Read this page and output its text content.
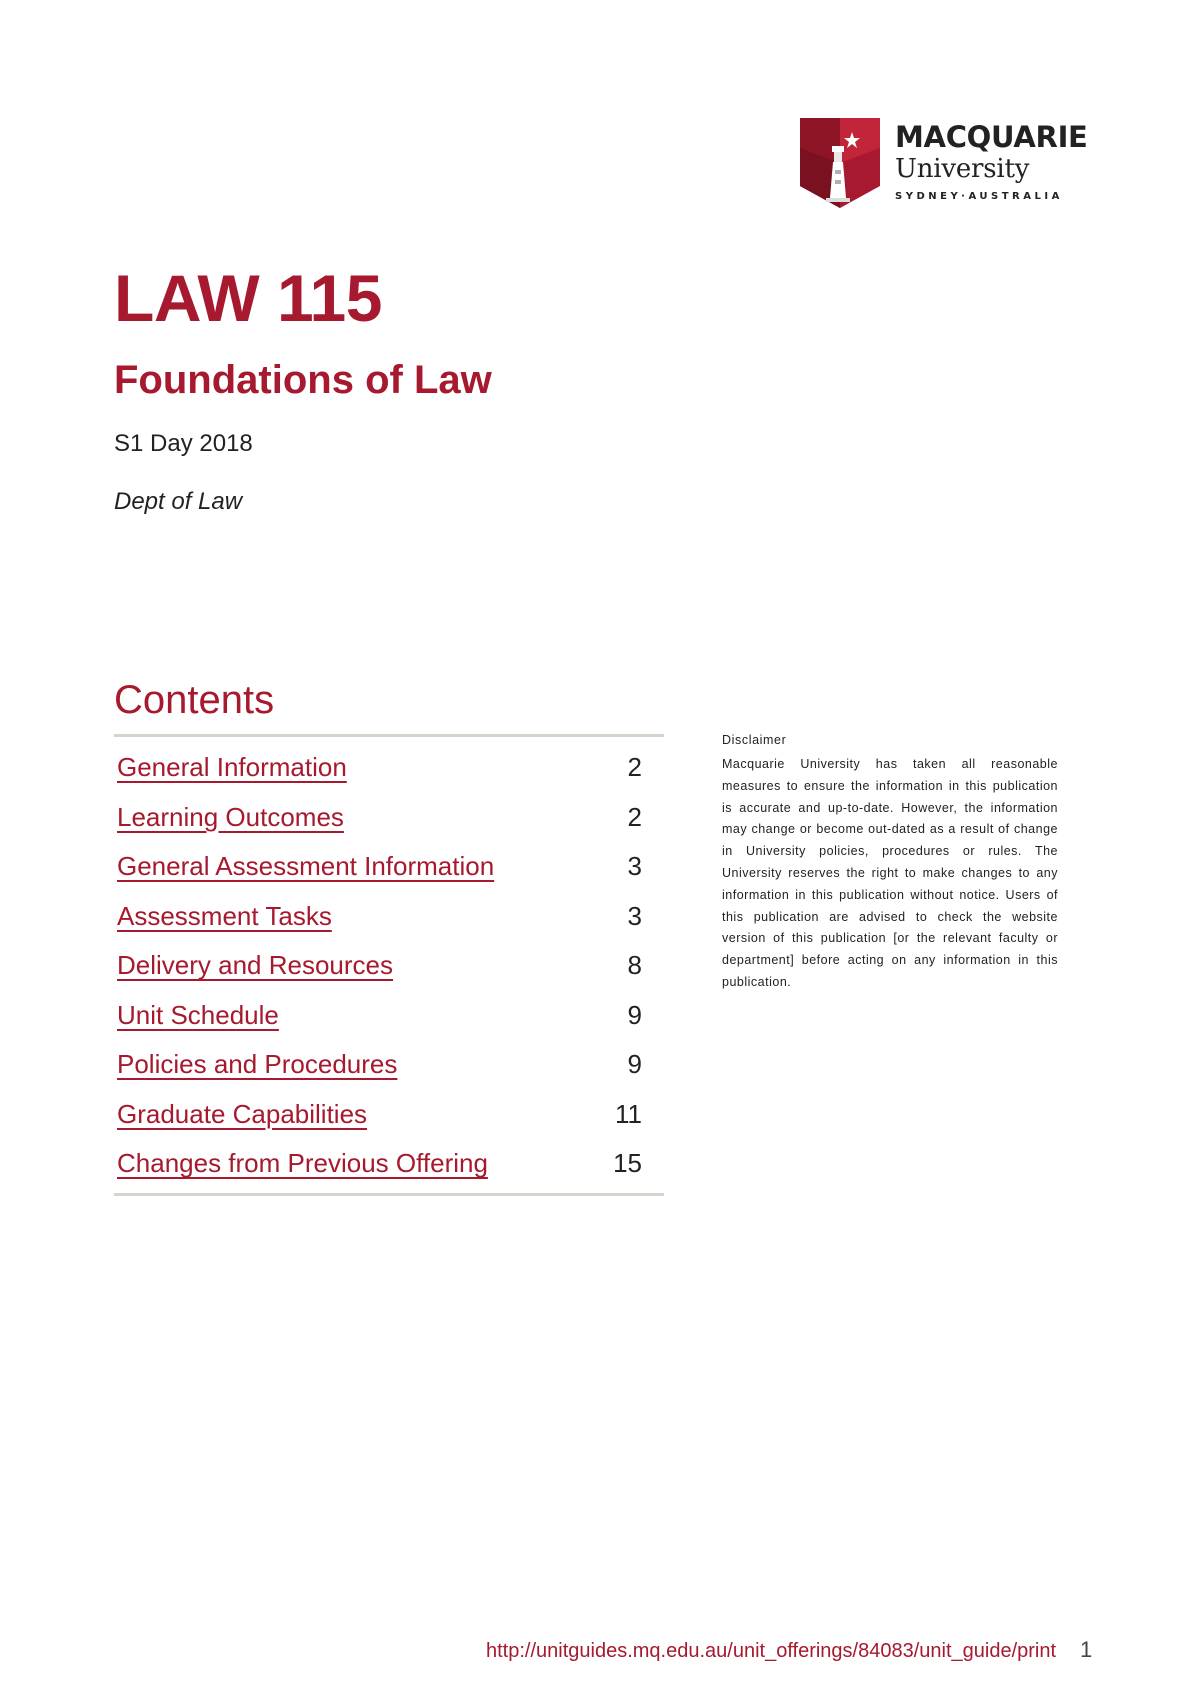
MACQUARIE
University
SYDNEY·AUSTRALIA
LAW 115
Foundations of Law
S1 Day 2018
Dept of Law
Contents
General Information	2
Learning Outcomes	2
General Assessment Information	3
Assessment Tasks	3
Delivery and Resources	8
Unit Schedule	9
Policies and Procedures	9
Graduate Capabilities	11
Changes from Previous Offering	15
Disclaimer

Macquarie University has taken all reasonable measures to ensure the information in this publication is accurate and up-to-date. However, the information may change or become out-dated as a result of change in University policies, procedures or rules. The University reserves the right to make changes to any information in this publication without notice. Users of this publication are advised to check the website version of this publication [or the relevant faculty or department] before acting on any information in this publication.

http://unitguides.mq.edu.au/unit_offerings/84083/unit_guide/print 1
